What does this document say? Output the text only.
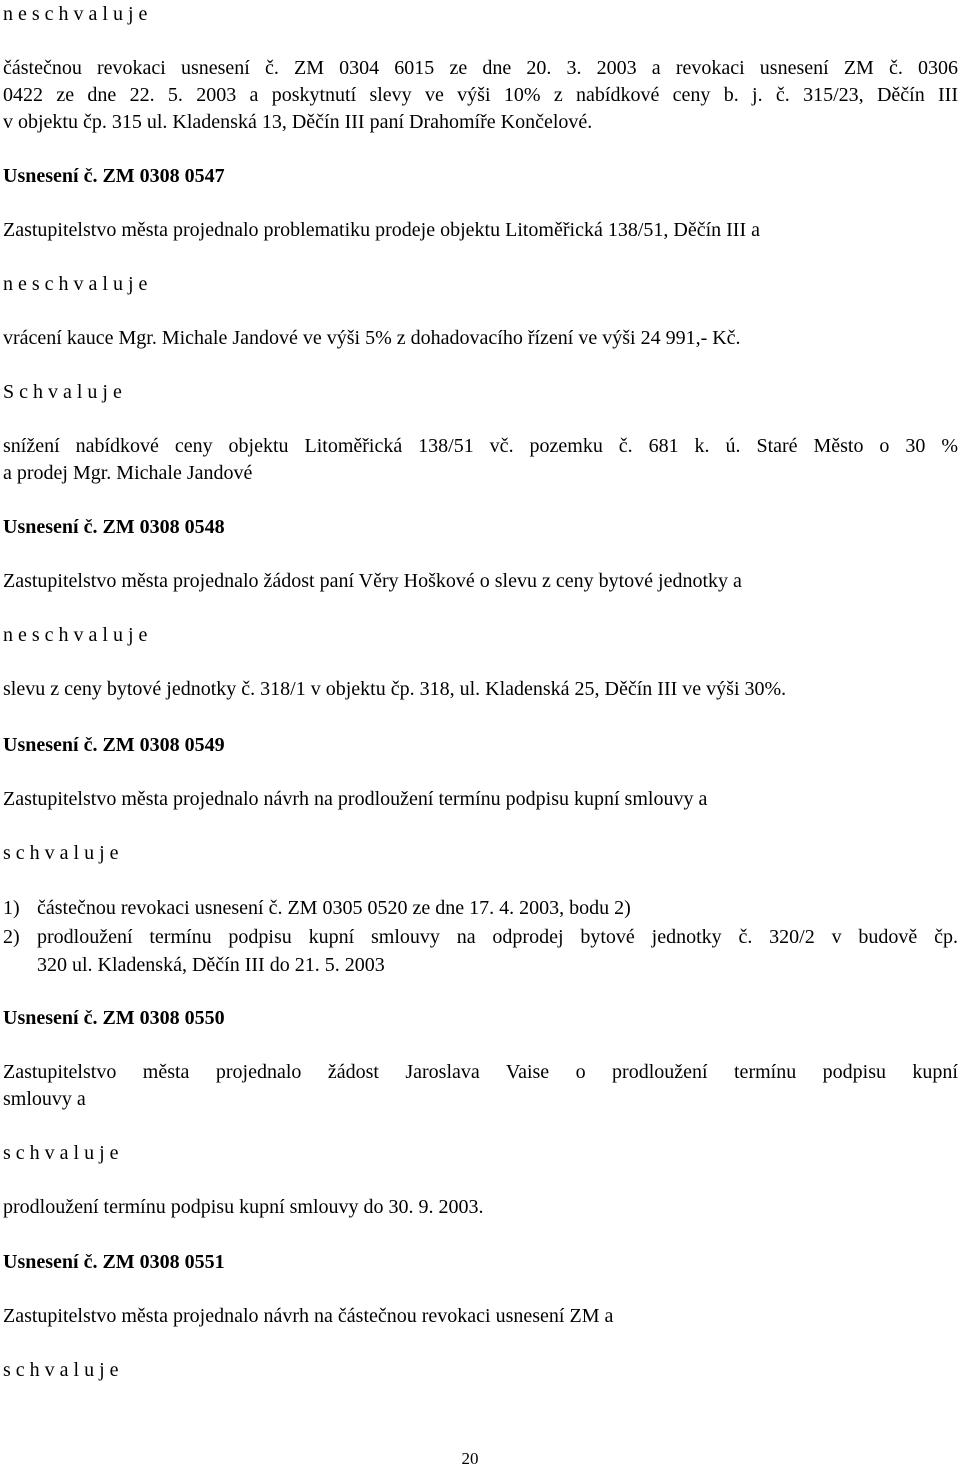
n e s c h v a l u j e
částečnou revokaci usnesení č. ZM 0304 6015 ze dne 20. 3. 2003 a revokaci usnesení ZM č. 0306
0422 ze dne 22. 5. 2003 a poskytnutí slevy ve výši 10% z nabídkové ceny b. j. č. 315/23, Děčín III
v objektu čp. 315 ul. Kladenská 13, Děčín III paní Drahomíře Končelové.
Usnesení č. ZM 0308 0547
Zastupitelstvo města projednalo problematiku prodeje objektu Litoměřická 138/51, Děčín III a
n e s c h v a l u j e
vrácení kauce Mgr. Michale Jandové ve výši 5% z dohadovacího řízení ve výši 24 991,- Kč.
S c h v a l u j e
snížení nabídkové ceny objektu Litoměřická 138/51 vč. pozemku č. 681 k. ú. Staré Město o 30 %
a prodej Mgr. Michale Jandové
Usnesení č. ZM 0308 0548
Zastupitelstvo města projednalo žádost paní Věry Hoškové o slevu z ceny bytové jednotky a
n e s c h v a l u j e
slevu z ceny bytové jednotky č. 318/1 v objektu čp. 318, ul. Kladenská 25, Děčín III ve výši 30%.
Usnesení č. ZM 0308 0549
Zastupitelstvo města projednalo návrh na prodloužení termínu podpisu kupní smlouvy a
s c h v a l u j e
1) částečnou revokaci usnesení č. ZM 0305 0520 ze dne 17. 4. 2003, bodu 2)
2) prodloužení termínu podpisu kupní smlouvy na odprodej bytové jednotky č. 320/2 v budově čp.
320 ul. Kladenská, Děčín III do 21. 5. 2003
Usnesení č. ZM 0308 0550
Zastupitelstvo města projednalo žádost Jaroslava Vaise o prodloužení termínu podpisu kupní
smlouvy a
s c h v a l u j e
prodloužení termínu podpisu kupní smlouvy do 30. 9. 2003.
Usnesení č. ZM 0308 0551
Zastupitelstvo města projednalo návrh na částečnou revokaci usnesení ZM a
s c h v a l u j e
20
